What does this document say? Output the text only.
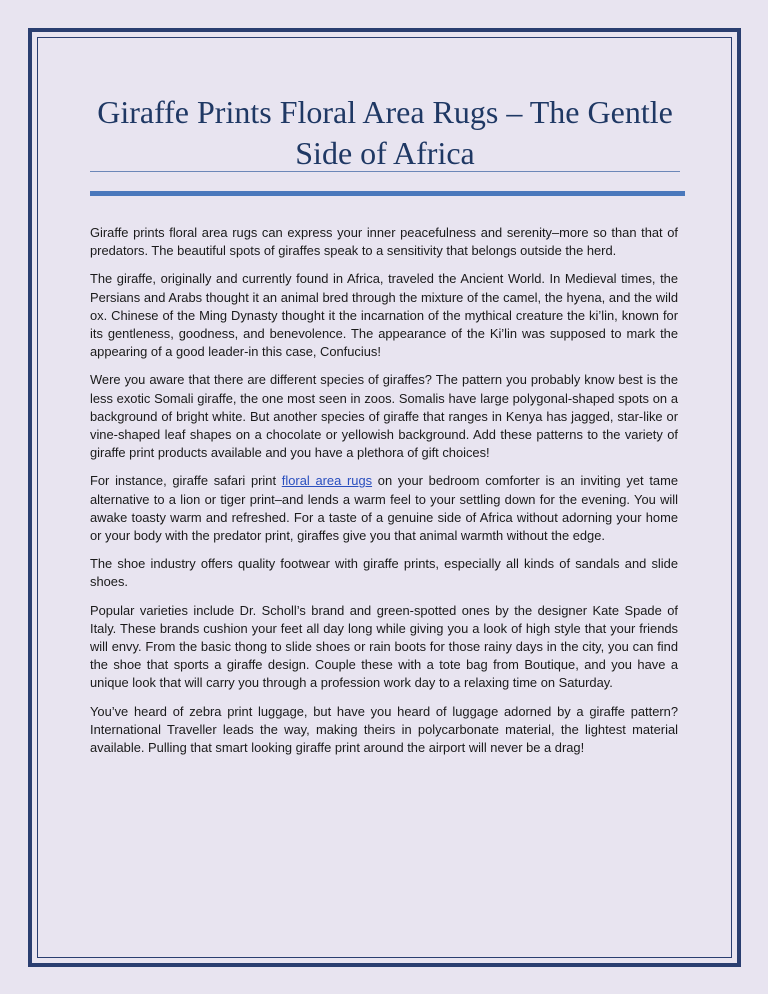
Giraffe Prints Floral Area Rugs – The Gentle Side of Africa

Giraffe prints floral area rugs can express your inner peacefulness and serenity–more so than that of predators. The beautiful spots of giraffes speak to a sensitivity that belongs outside the herd.

The giraffe, originally and currently found in Africa, traveled the Ancient World. In Medieval times, the Persians and Arabs thought it an animal bred through the mixture of the camel, the hyena, and the wild ox. Chinese of the Ming Dynasty thought it the incarnation of the mythical creature the ki’lin, known for its gentleness, goodness, and benevolence. The appearance of the Ki’lin was supposed to mark the appearing of a good leader-in this case, Confucius!

Were you aware that there are different species of giraffes? The pattern you probably know best is the less exotic Somali giraffe, the one most seen in zoos. Somalis have large polygonal-shaped spots on a background of bright white. But another species of giraffe that ranges in Kenya has jagged, star-like or vine-shaped leaf shapes on a chocolate or yellowish background. Add these patterns to the variety of giraffe print products available and you have a plethora of gift choices!

For instance, giraffe safari print floral area rugs on your bedroom comforter is an inviting yet tame alternative to a lion or tiger print–and lends a warm feel to your settling down for the evening. You will awake toasty warm and refreshed. For a taste of a genuine side of Africa without adorning your home or your body with the predator print, giraffes give you that animal warmth without the edge.

The shoe industry offers quality footwear with giraffe prints, especially all kinds of sandals and slide shoes.

Popular varieties include Dr. Scholl’s brand and green-spotted ones by the designer Kate Spade of Italy. These brands cushion your feet all day long while giving you a look of high style that your friends will envy. From the basic thong to slide shoes or rain boots for those rainy days in the city, you can find the shoe that sports a giraffe design. Couple these with a tote bag from Boutique, and you have a unique look that will carry you through a profession work day to a relaxing time on Saturday.

You’ve heard of zebra print luggage, but have you heard of luggage adorned by a giraffe pattern? International Traveller leads the way, making theirs in polycarbonate material, the lightest material available. Pulling that smart looking giraffe print around the airport will never be a drag!
